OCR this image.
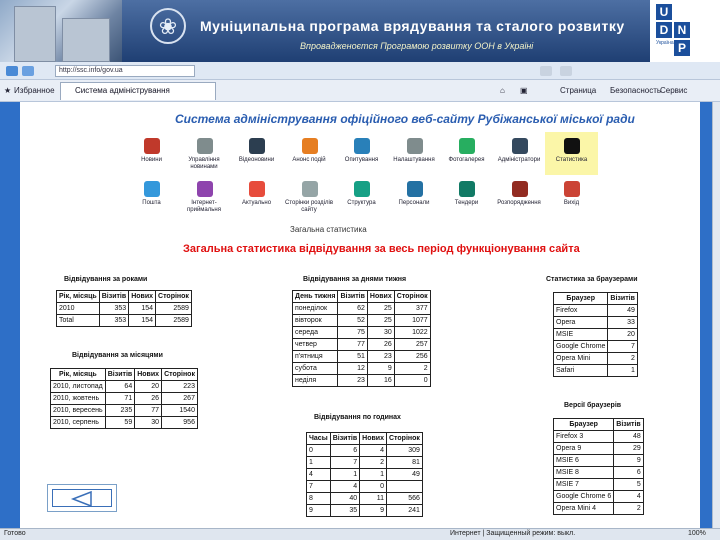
❀	Муніципальна програма врядування та сталого розвитку
Впровадженоєтся Програмою розвитку ООН в Україні
U
N
D
P
Україна
http://ssc.info/gov.ua
★ Избранное	⌂ ▣	Страница Безопасность
Сервис
Система адміністрування
Система адміністрування офіційного веб-сайту Рубіжанської міської ради
Новини	Управління новинами
Відеоновини	Анонс подій	Опитування	Налаштування	Фотогалерея	Адміністратори	Статистика
Пошта	Інтернет-приймальня
Актуально	Сторінки розділів сайту
Структура	Персонали	Тендери	Розпорядження	Вихід
Загальна статистика
Загальна статистика відвідування за весь період функціонування сайта
Відвідування за роками
Рік, місяць	Візитів	Нових	Сторінок
2010	353	154	2589
Total	353	154	2589
Відвідування за місяцями
Рік, місяць	Візитів	Нових	Сторінок
2010, листопад	64	20	223
2010, жовтень	71	26	267
2010, вересень	235	77	1540
2010, серпень	59	30	956
Відвідування за днями тижня
День тижня	Візитів	Нових	Сторінок
понеділок	62	25	377
вівторок	52	25	1077
середа	75	30	1022
четвер	77	26	257
п'ятниця	51	23	256
субота	12	9	2
неділя	23	16	0
Відвідування по годинах
Часы	Візитів	Нових	Сторінок
0	6	4	309
1	7	2	81
4	1	1	49
7	4	0	
8	40	11	566
9	35	9	241
Статистика за браузерами
Браузер	Візитів
Firefox	49
Opera	33
MSIE	20
Google Chrome	7
Opera Mini	2
Safari	1
Версії браузерів
Браузер	Візитів
Firefox 3	48
Opera 9	29
MSIE 6	9
MSIE 8	6
MSIE 7	5
Google Chrome 6	4
Opera Mini 4	2
Готово	Интернет | Защищенный режим: выкл.	100%
